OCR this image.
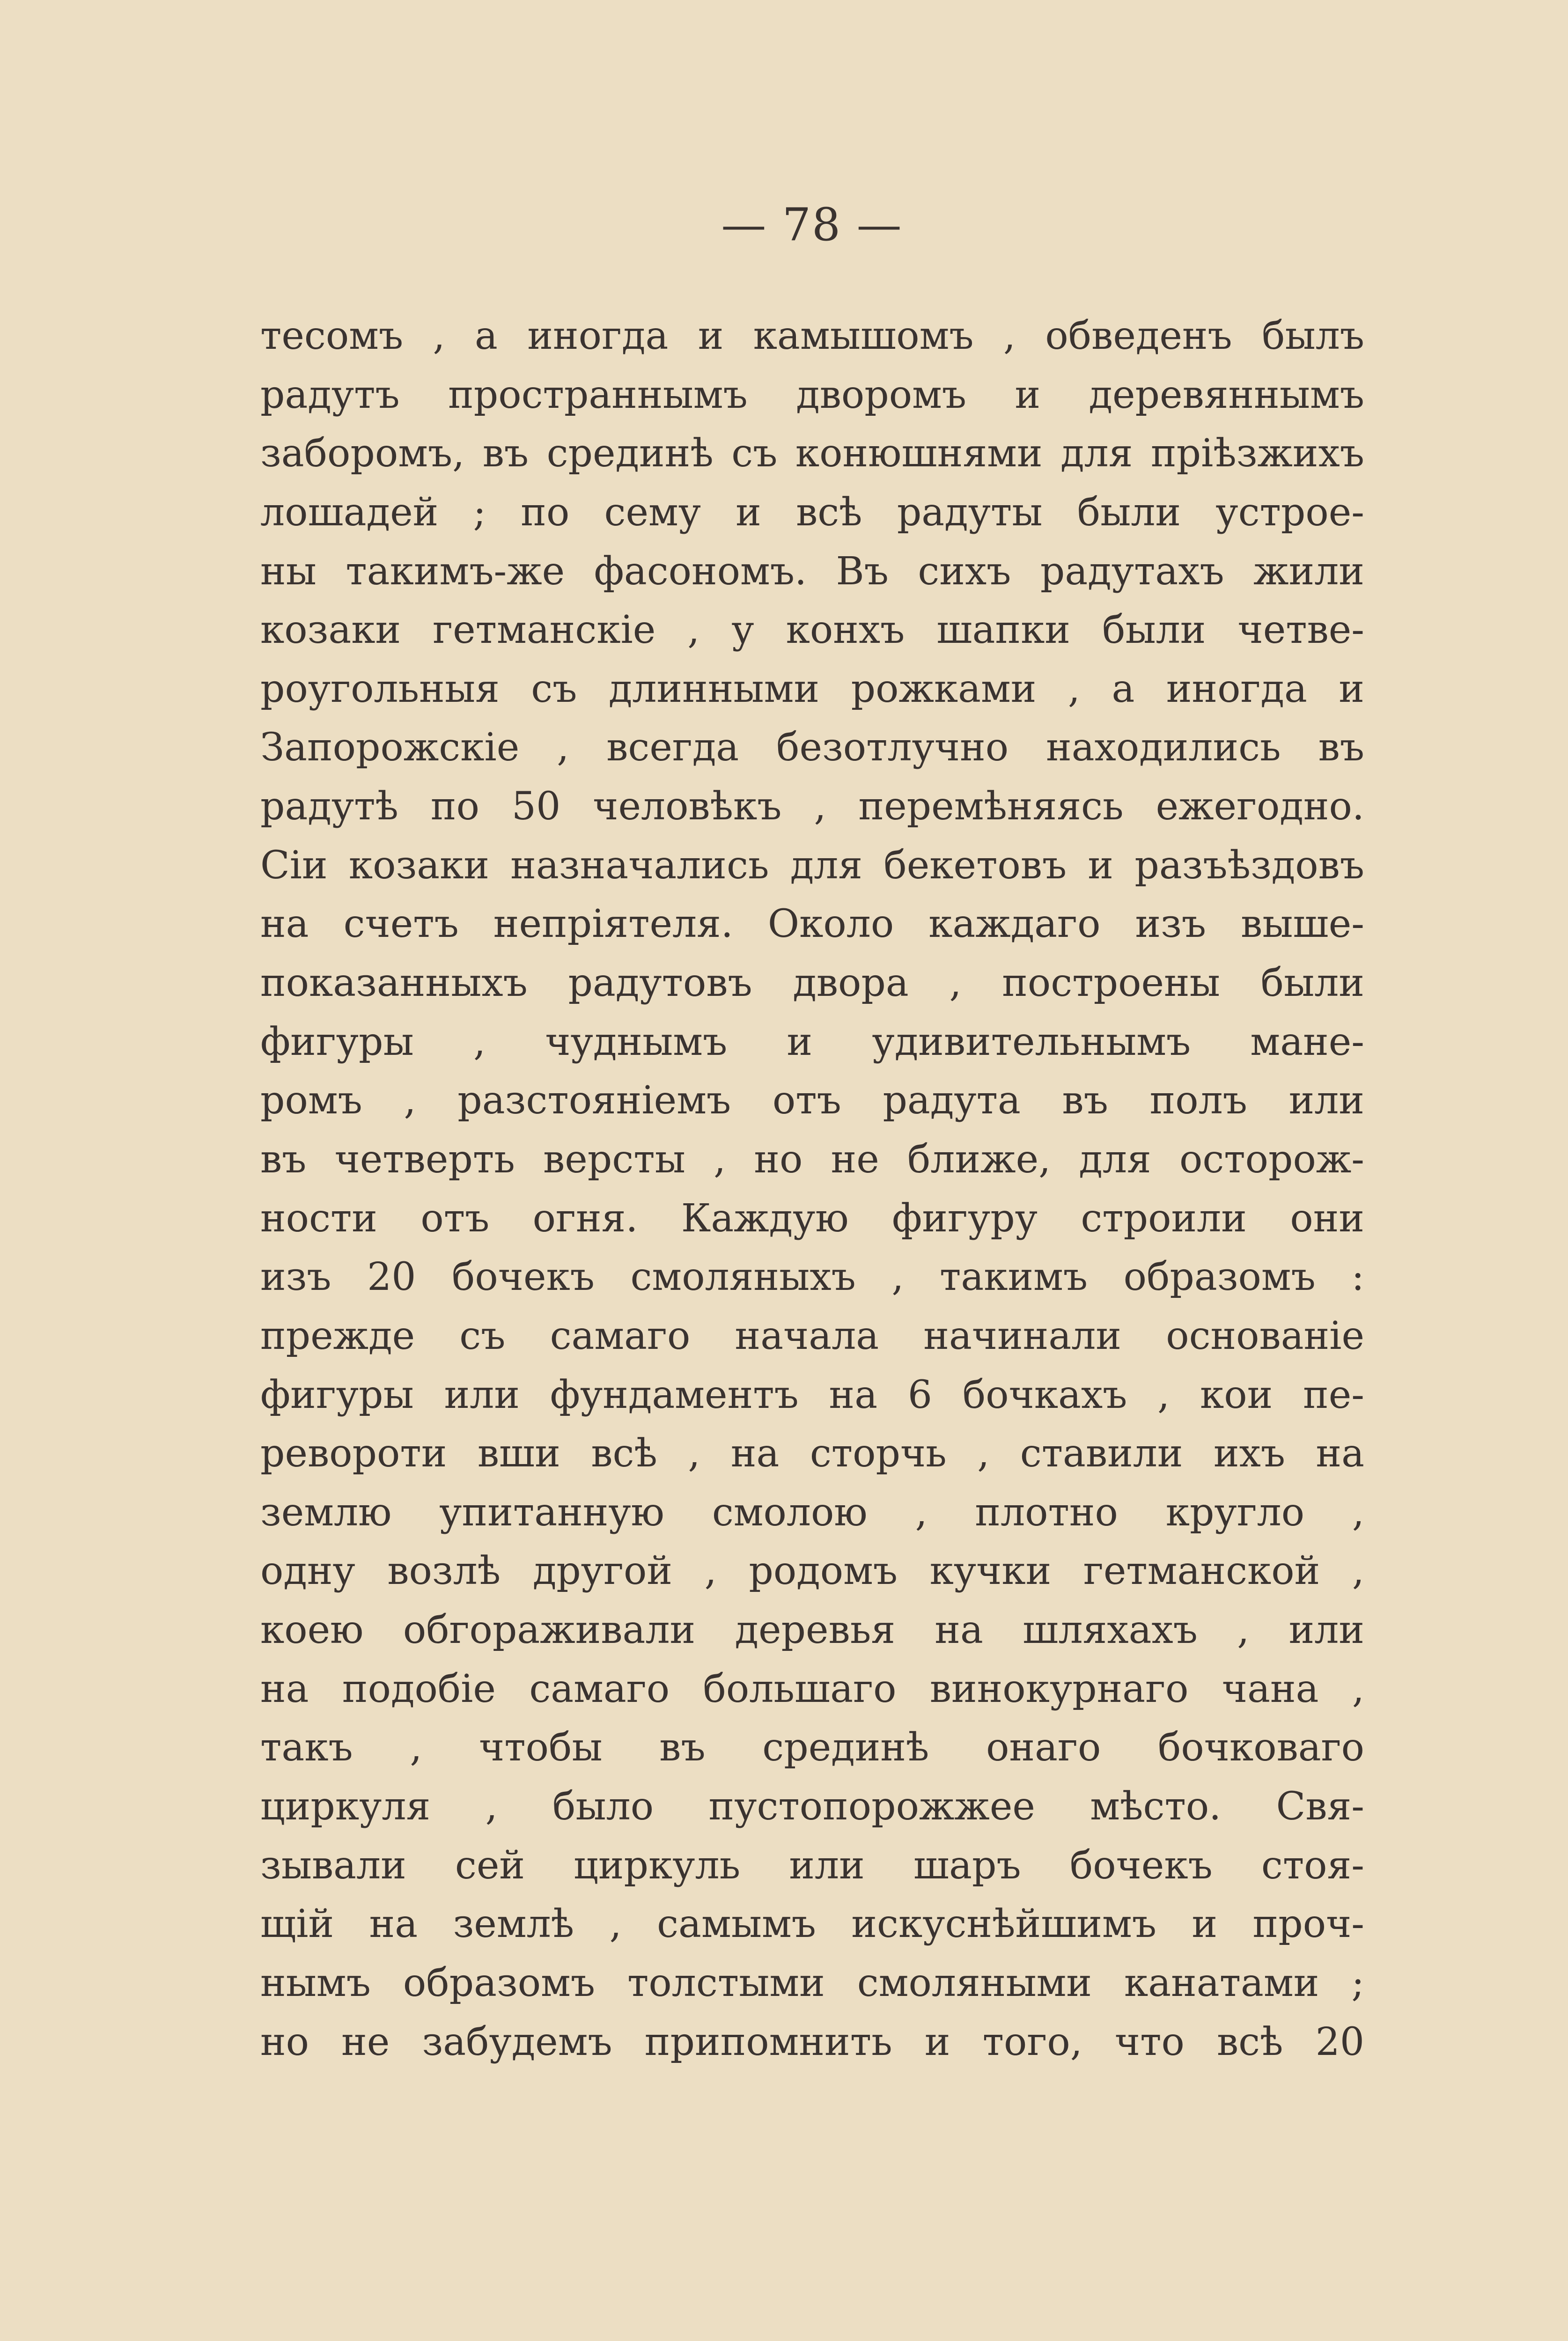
— 78 —
тесомъ , а иногда и камышомъ , обведенъ былъ
радутъ пространнымъ дворомъ и деревяннымъ
заборомъ, въ срединѣ съ конюшнями для пріѣзжихъ
лошадей ; по сему и всѣ радуты были устрое-
ны такимъ-же фасономъ. Въ сихъ радутахъ жили
козаки гетманскіе , у конхъ шапки были четве-
роугольныя съ длинными рожками , а иногда и
Запорожскіе , всегда безотлучно находились въ
радутѣ по 50 человѣкъ , перемѣняясь ежегодно.
Сіи козаки назначались для бекетовъ и разъѣздовъ
на счетъ непріятеля. Около каждаго изъ выше-
показанныхъ радутовъ двора , построены были
фигуры , чуднымъ и удивительнымъ мане-
ромъ , разстояніемъ отъ радута въ полъ или
въ четверть версты , но не ближе, для осторож-
ности отъ огня. Каждую фигуру строили они
изъ 20 бочекъ смоляныхъ , такимъ образомъ :
прежде съ самаго начала начинали основаніе
фигуры или фундаментъ на 6 бочкахъ , кои пе-
ревороти вши всѣ , на сторчь , ставили ихъ на
землю упитанную смолою , плотно кругло ,
одну возлѣ другой , родомъ кучки гетманской ,
коею обгораживали деревья на шляхахъ , или
на подобіе самаго большаго винокурнаго чана ,
такъ , чтобы въ срединѣ онаго бочковаго
циркуля , было пустопорожжее мѣсто. Свя-
зывали сей циркуль или шаръ бочекъ стоя-
щій на землѣ , самымъ искуснѣйшимъ и проч-
нымъ образомъ толстыми смоляными канатами ;
но не забудемъ припомнить и того, что всѣ 20
